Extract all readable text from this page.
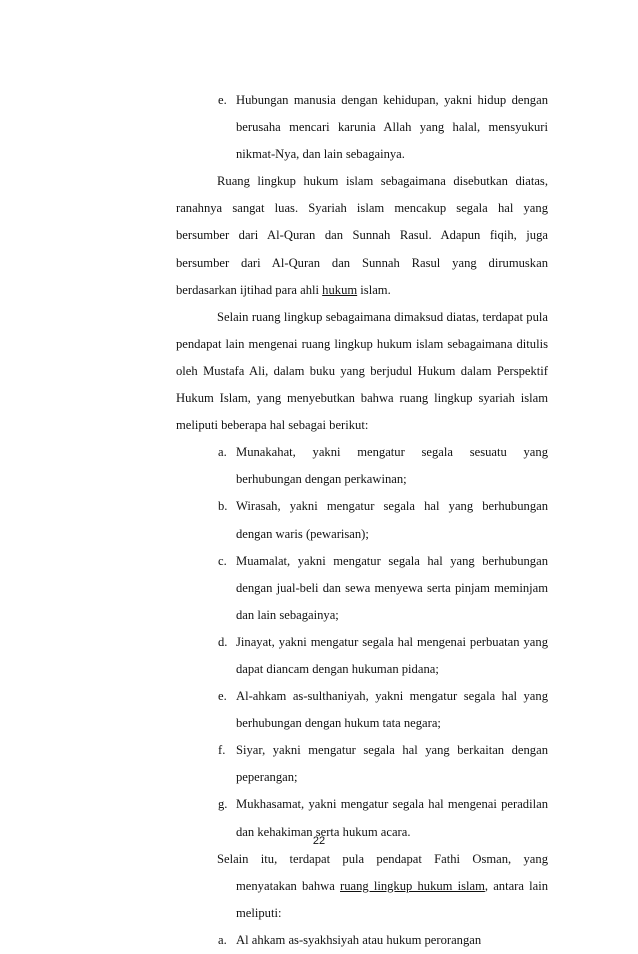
e. Hubungan manusia dengan kehidupan, yakni hidup dengan berusaha mencari karunia Allah yang halal, mensyukuri nikmat-Nya, dan lain sebagainya.
Ruang lingkup hukum islam sebagaimana disebutkan diatas, ranahnya sangat luas. Syariah islam mencakup segala hal yang bersumber dari Al-Quran dan Sunnah Rasul. Adapun fiqih, juga bersumber dari Al-Quran dan Sunnah Rasul yang dirumuskan berdasarkan ijtihad para ahli hukum islam.
Selain ruang lingkup sebagaimana dimaksud diatas, terdapat pula pendapat lain mengenai ruang lingkup hukum islam sebagaimana ditulis oleh Mustafa Ali, dalam buku yang berjudul Hukum dalam Perspektif Hukum Islam, yang menyebutkan bahwa ruang lingkup syariah islam meliputi beberapa hal sebagai berikut:
a. Munakahat, yakni mengatur segala sesuatu yang berhubungan dengan perkawinan;
b. Wirasah, yakni mengatur segala hal yang berhubungan dengan waris (pewarisan);
c. Muamalat, yakni mengatur segala hal yang berhubungan dengan jual-beli dan sewa menyewa serta pinjam meminjam dan lain sebagainya;
d. Jinayat, yakni mengatur segala hal mengenai perbuatan yang dapat diancam dengan hukuman pidana;
e. Al-ahkam as-sulthaniyah, yakni mengatur segala hal yang berhubungan dengan hukum tata negara;
f. Siyar, yakni mengatur segala hal yang berkaitan dengan peperangan;
g. Mukhasamat, yakni mengatur segala hal mengenai peradilan dan kehakiman serta hukum acara.
Selain itu, terdapat pula pendapat Fathi Osman, yang
menyatakan bahwa ruang lingkup hukum islam, antara lain meliputi:
a. Al ahkam as-syakhsiyah atau hukum perorangan
22
